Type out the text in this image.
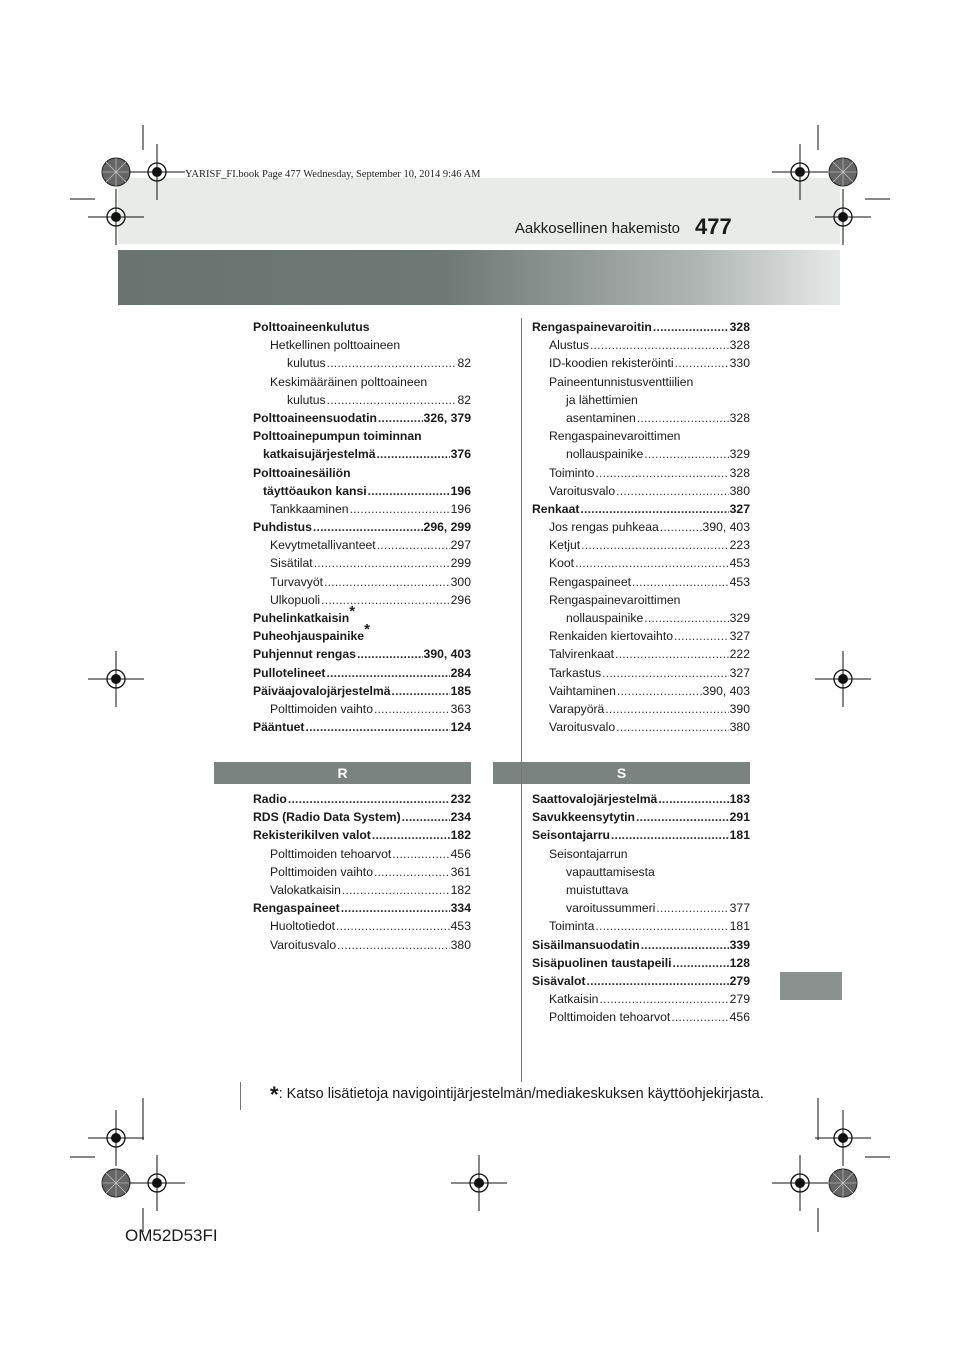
YARISF_FI.book Page 477 Wednesday, September 10, 2014 9:46 AM
Aakkosellinen hakemisto 477
Polttoaineenkulutus
Hetkellinen polttoaineen
kulutus .....	82
Keskimääräinen polttoaineen
kulutus .....	82
Polttoaineensuodatin .....	326, 379
Polttoainepumpun toiminnan
katkaisujärjestelmä .....	376
Polttoainesäiliön
täyttöaukon kansi .....	196
Tankkaaminen .....	196
Puhdistus .....	296, 299
Kevytmetallivanteet .....	297
Sisätilat .....	299
Turvavyöt .....	300
Ulkopuoli .....	296
Puhelinkatkaisin*
Puheohjauspainike*
Puhjennut rengas .....	390, 403
Pullotelineet .....	284
Päiväajovalojärjestelmä .....	185
Polttimoiden vaihto .....	363
Pääntuet .....	124
Rengaspainevaroitin .....	328
Alustus .....	328
ID-koodien rekisteröinti .....	330
Paineentunnistusventtiilien
ja lähettimien
asentaminen .....	328
Rengaspainevaroittimen
nollauspainike .....	329
Toiminto .....	328
Varoitusvalo .....	380
Renkaat .....	327
Jos rengas puhkeaa .....	390, 403
Ketjut .....	223
Koot .....	453
Rengaspaineet .....	453
Rengaspainevaroittimen
nollauspainike .....	329
Renkaiden kiertovaihto .....	327
Talvirenkaat .....	222
Tarkastus .....	327
Vaihtaminen .....	390, 403
Varapyörä .....	390
Varoitusvalo .....	380
R	S
Radio .....	232
RDS (Radio Data System) .....	234
Rekisterikilven valot .....	182
Polttimoiden tehoarvot .....	456
Polttimoiden vaihto .....	361
Valokatkaisin .....	182
Rengaspaineet .....	334
Huoltotiedot .....	453
Varoitusvalo .....	380
Saattovalojärjestelmä .....	183
Savukkeensytytin .....	291
Seisontajarru .....	181
Seisontajarrun
vapauttamisesta
muistuttava
varoitussummeri .....	377
Toiminta .....	181
Sisäilmansuodatin .....	339
Sisäpuolinen taustapeili .....	128
Sisävalot .....	279
Katkaisin .....	279
Polttimoiden tehoarvot .....	456
*: Katso lisätietoja navigointijärjestelmän/mediakeskuksen käyttöohjekirjasta.
OM52D53FI
